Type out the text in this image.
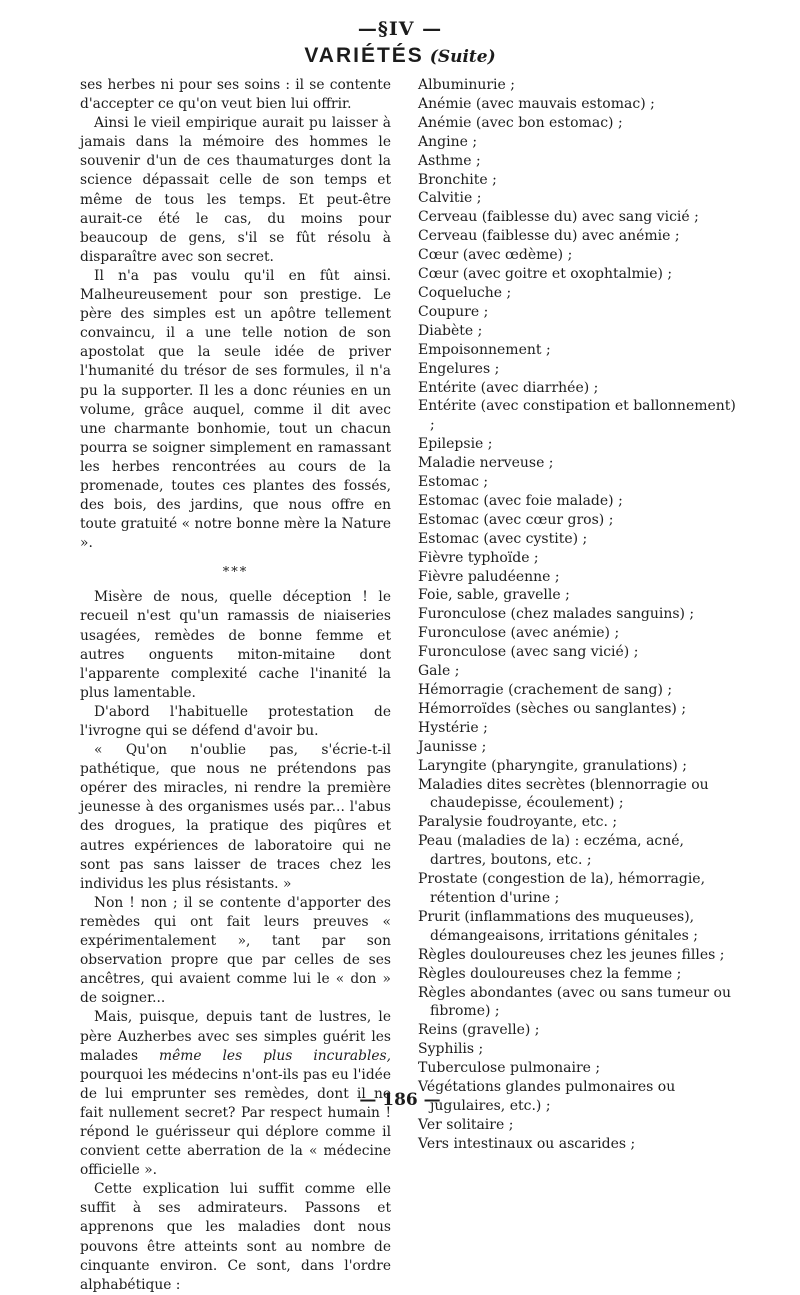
—§IV —
VARIÉTÉS (Suite)

ses herbes ni pour ses soins : il se contente d'accepter ce qu'on veut bien lui offrir.

Ainsi le vieil empirique aurait pu laisser à jamais dans la mémoire des hommes le souvenir d'un de ces thaumaturges dont la science dépassait celle de son temps et même de tous les temps. Et peut-être aurait-ce été le cas, du moins pour beaucoup de gens, s'il se fût résolu à disparaître avec son secret.

Il n'a pas voulu qu'il en fût ainsi. Malheureusement pour son prestige. Le père des simples est un apôtre tellement convaincu, il a une telle notion de son apostolat que la seule idée de priver l'humanité du trésor de ses formules, il n'a pu la supporter. Il les a donc réunies en un volume, grâce auquel, comme il dit avec une charmante bonhomie, tout un chacun pourra se soigner simplement en ramassant les herbes rencontrées au cours de la promenade, toutes ces plantes des fossés, des bois, des jardins, que nous offre en toute gratuité « notre bonne mère la Nature ».

***

Misère de nous, quelle déception ! le recueil n'est qu'un ramassis de niaiseries usagées, remèdes de bonne femme et autres onguents miton-mitaine dont l'apparente complexité cache l'inanité la plus lamentable.

D'abord l'habituelle protestation de l'ivrogne qui se défend d'avoir bu.

« Qu'on n'oublie pas, s'écrie-t-il pathétique, que nous ne prétendons pas opérer des miracles, ni rendre la première jeunesse à des organismes usés par... l'abus des drogues, la pratique des piqûres et autres expériences de laboratoire qui ne sont pas sans laisser de traces chez les individus les plus résistants. »

Non ! non ; il se contente d'apporter des remèdes qui ont fait leurs preuves « expérimentalement », tant par son observation propre que par celles de ses ancêtres, qui avaient comme lui le « don » de soigner...

Mais, puisque, depuis tant de lustres, le père Auzherbes avec ses simples guérit les malades même les plus incurables, pourquoi les médecins n'ont-ils pas eu l'idée de lui emprunter ses remèdes, dont il ne fait nullement secret? Par respect humain ! répond le guérisseur qui déplore comme il convient cette aberration de la « médecine officielle ».

Cette explication lui suffit comme elle suffit à ses admirateurs. Passons et apprenons que les maladies dont nous pouvons être atteints sont au nombre de cinquante environ. Ce sont, dans l'ordre alphabétique :

Albuminurie ;
Anémie (avec mauvais estomac) ;
Anémie (avec bon estomac) ;
Angine ;
Asthme ;
Bronchite ;
Calvitie ;
Cerveau (faiblesse du) avec sang vicié ;
Cerveau (faiblesse du) avec anémie ;
Cœur (avec œdème) ;
Cœur (avec goitre et oxophtalmie) ;
Coqueluche ;
Coupure ;
Diabète ;
Empoisonnement ;
Engelures ;
Entérite (avec diarrhée) ;
Entérite (avec constipation et ballonnement) ;
Epilepsie ;
Maladie nerveuse ;
Estomac ;
Estomac (avec foie malade) ;
Estomac (avec cœur gros) ;
Estomac (avec cystite) ;
Fièvre typhoïde ;
Fièvre paludéenne ;
Foie, sable, gravelle ;
Furonculose (chez malades sanguins) ;
Furonculose (avec anémie) ;
Furonculose (avec sang vicié) ;
Gale ;
Hémorragie (crachement de sang) ;
Hémorroïdes (sèches ou sanglantes) ;
Hystérie ;
Jaunisse ;
Laryngite (pharyngite, granulations) ;
Maladies dites secrètes (blennorragie ou chaudepisse, écoulement) ;
Paralysie foudroyante, etc. ;
Peau (maladies de la) : eczéma, acné, dartres, boutons, etc. ;
Prostate (congestion de la), hémorragie, rétention d'urine ;
Prurit (inflammations des muqueuses), démangeaisons, irritations génitales ;
Règles douloureuses chez les jeunes filles ;
Règles douloureuses chez la femme ;
Règles abondantes (avec ou sans tumeur ou fibrome) ;
Reins (gravelle) ;
Syphilis ;
Tuberculose pulmonaire ;
Végétations glandes pulmonaires ou jugulaires, etc.) ;
Ver solitaire ;
Vers intestinaux ou ascarides ;
— 186 —
